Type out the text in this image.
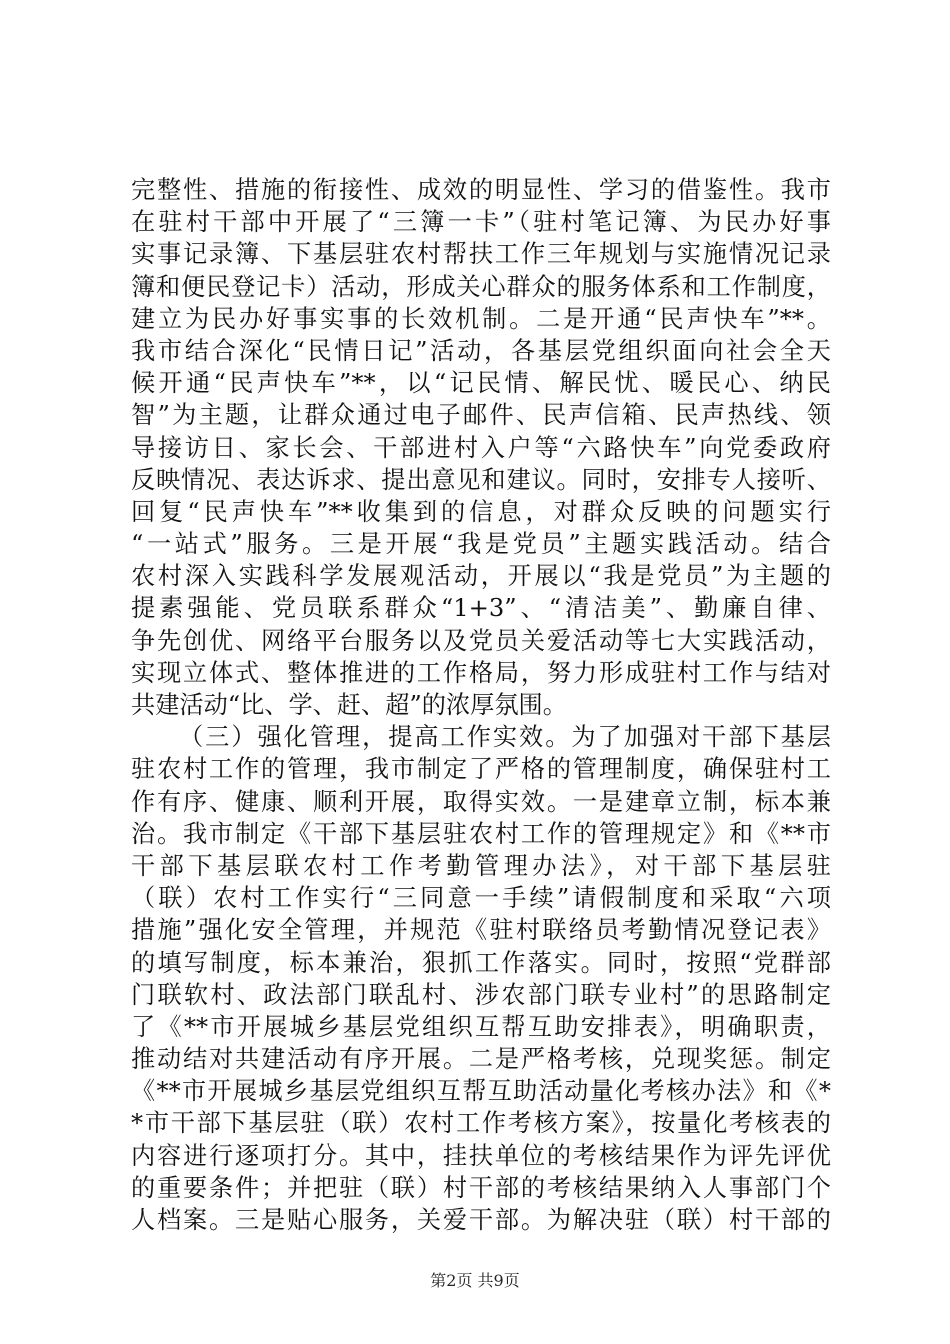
完整性、措施的衔接性、成效的明显性、学习的借鉴性。我市
在驻村干部中开展了“三簿一卡”（驻村笔记簿、为民办好事
实事记录簿、下基层驻农村帮扶工作三年规划与实施情况记录
簿和便民登记卡）活动，形成关心群众的服务体系和工作制度，
建立为民办好事实事的长效机制。二是开通“民声快车”**。
我市结合深化“民情日记”活动，各基层党组织面向社会全天
候开通“民声快车”**，以“记民情、解民忧、暖民心、纳民
智”为主题，让群众通过电子邮件、民声信箱、民声热线、领
导接访日、家长会、干部进村入户等“六路快车”向党委政府
反映情况、表达诉求、提出意见和建议。同时，安排专人接听、
回复“民声快车”**收集到的信息，对群众反映的问题实行
“一站式”服务。三是开展“我是党员”主题实践活动。结合
农村深入实践科学发展观活动，开展以“我是党员”为主题的
提素强能、党员联系群众“1+3”、“清洁美”、勤廉自律、
争先创优、网络平台服务以及党员关爱活动等七大实践活动，
实现立体式、整体推进的工作格局，努力形成驻村工作与结对
共建活动“比、学、赶、超”的浓厚氛围。
（三）强化管理，提高工作实效。为了加强对干部下基层
驻农村工作的管理，我市制定了严格的管理制度，确保驻村工
作有序、健康、顺利开展，取得实效。一是建章立制，标本兼
治。我市制定《干部下基层驻农村工作的管理规定》和《**市
干部下基层联农村工作考勤管理办法》，对干部下基层驻
（联）农村工作实行“三同意一手续”请假制度和采取“六项
措施”强化安全管理，并规范《驻村联络员考勤情况登记表》
的填写制度，标本兼治，狠抓工作落实。同时，按照“党群部
门联软村、政法部门联乱村、涉农部门联专业村”的思路制定
了《**市开展城乡基层党组织互帮互助安排表》，明确职责，
推动结对共建活动有序开展。二是严格考核，兑现奖惩。制定
《**市开展城乡基层党组织互帮互助活动量化考核办法》和《*
*市干部下基层驻（联）农村工作考核方案》，按量化考核表的
内容进行逐项打分。其中，挂扶单位的考核结果作为评先评优
的重要条件；并把驻（联）村干部的考核结果纳入人事部门个
人档案。三是贴心服务，关爱干部。为解决驻（联）村干部的
第2页 共9页
